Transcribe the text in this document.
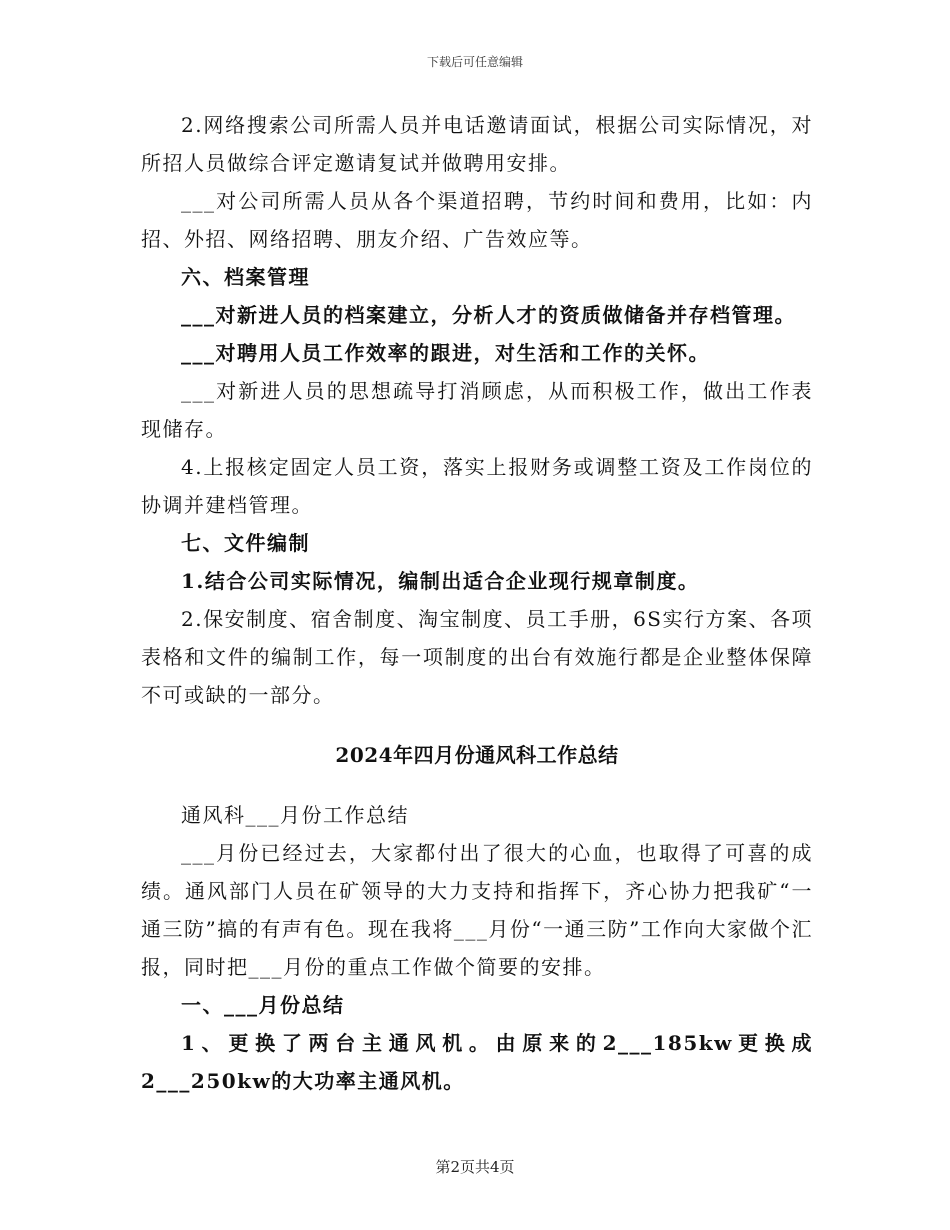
下载后可任意编辑

2.网络搜索公司所需人员并电话邀请面试，根据公司实际情况，对所招人员做综合评定邀请复试并做聘用安排。

___对公司所需人员从各个渠道招聘，节约时间和费用，比如：内招、外招、网络招聘、朋友介绍、广告效应等。

六、档案管理

___对新进人员的档案建立，分析人才的资质做储备并存档管理。

___对聘用人员工作效率的跟进，对生活和工作的关怀。

___对新进人员的思想疏导打消顾虑，从而积极工作，做出工作表现储存。

4.上报核定固定人员工资，落实上报财务或调整工资及工作岗位的协调并建档管理。

七、文件编制

1.结合公司实际情况，编制出适合企业现行规章制度。

2.保安制度、宿舍制度、淘宝制度、员工手册，6S实行方案、各项表格和文件的编制工作，每一项制度的出台有效施行都是企业整体保障不可或缺的一部分。

2024年四月份通风科工作总结

通风科___月份工作总结

___月份已经过去，大家都付出了很大的心血，也取得了可喜的成绩。通风部门人员在矿领导的大力支持和指挥下，齐心协力把我矿“一通三防”搞的有声有色。现在我将___月份“一通三防”工作向大家做个汇报，同时把___月份的重点工作做个简要的安排。

一、___月份总结

1、更换了两台主通风机。由原来的2___185kw更换成2___250kw的大功率主通风机。

第2页共4页
